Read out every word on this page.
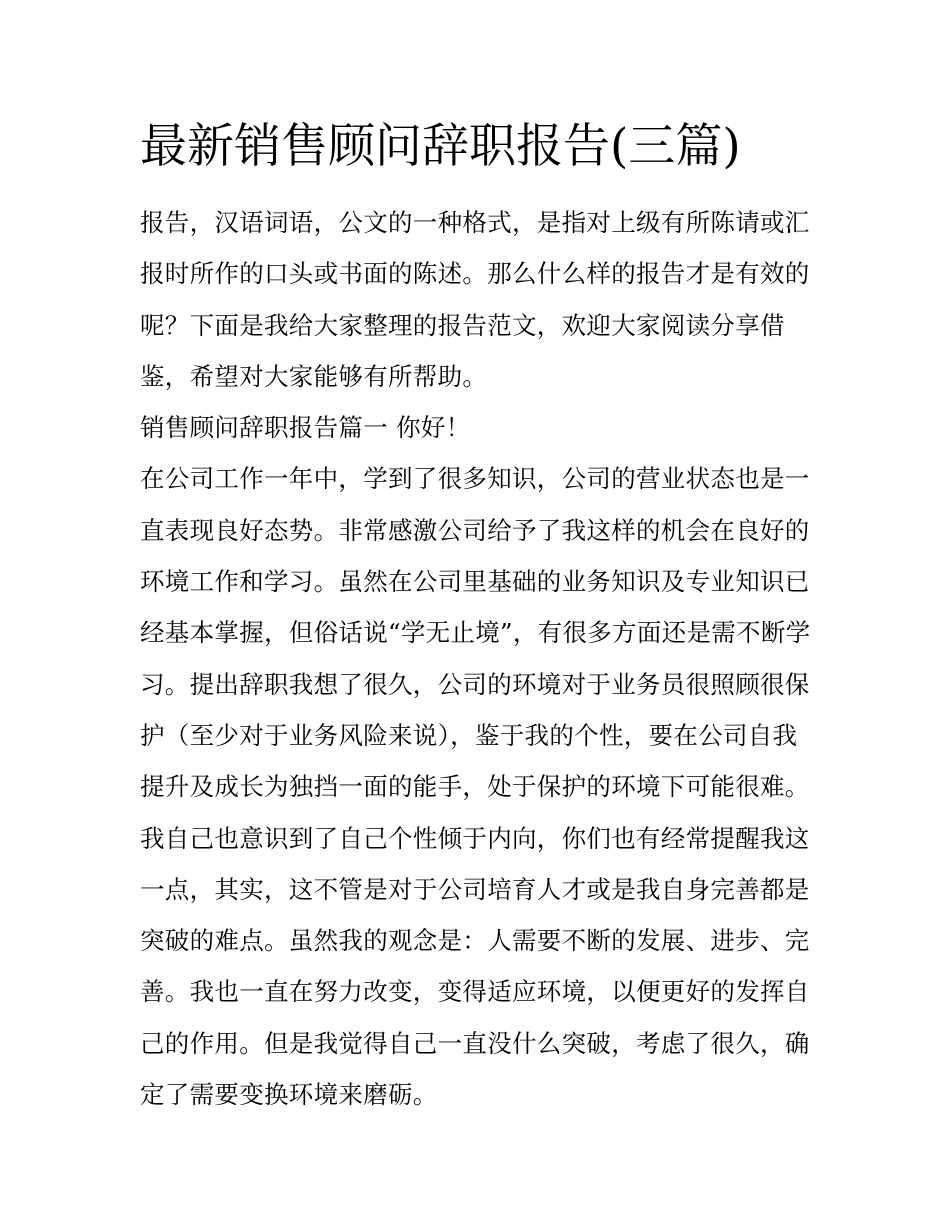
最新销售顾问辞职报告(三篇)
报告，汉语词语，公文的一种格式，是指对上级有所陈请或汇
报时所作的口头或书面的陈述。那么什么样的报告才是有效的
呢？下面是我给大家整理的报告范文，欢迎大家阅读分享借
鉴，希望对大家能够有所帮助。
销售顾问辞职报告篇一 你好！
在公司工作一年中，学到了很多知识，公司的营业状态也是一
直表现良好态势。非常感激公司给予了我这样的机会在良好的
环境工作和学习。虽然在公司里基础的业务知识及专业知识已
经基本掌握，但俗话说“学无止境”，有很多方面还是需不断学
习。提出辞职我想了很久，公司的环境对于业务员很照顾很保
护（至少对于业务风险来说），鉴于我的个性，要在公司自我
提升及成长为独挡一面的能手，处于保护的环境下可能很难。
我自己也意识到了自己个性倾于内向，你们也有经常提醒我这
一点，其实，这不管是对于公司培育人才或是我自身完善都是
突破的难点。虽然我的观念是：人需要不断的发展、进步、完
善。我也一直在努力改变，变得适应环境，以便更好的发挥自
己的作用。但是我觉得自己一直没什么突破，考虑了很久，确
定了需要变换环境来磨砺。
